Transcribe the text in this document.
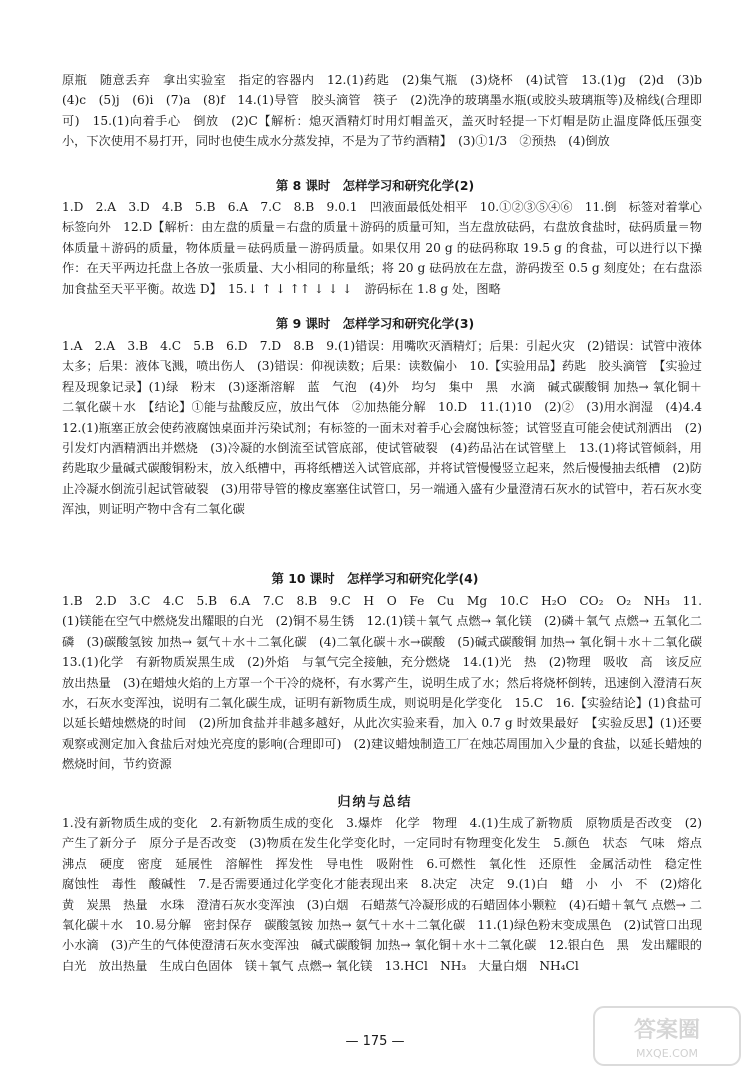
原瓶　随意丢弃　拿出实验室　指定的容器内　12.(1)药匙　(2)集气瓶　(3)烧杯　(4)试管　13.(1)g　(2)d　(3)b　(4)c　(5)j　(6)i　(7)a　(8)f　14.(1)导管　胶头滴管　筷子　(2)洗净的玻璃墨水瓶(或胶头玻璃瓶等)及棉线(合理即可)　15.(1)向着手心　倒放　(2)C【解析：熄灭酒精灯时用灯帽盖灭，盖灭时轻提一下灯帽是防止温度降低压强变小，下次使用不易打开，同时也使生成水分蒸发掉，不是为了节约酒精】　(3)①1/3　②预热　(4)倒放
第 8 课时　怎样学习和研究化学(2)
1.D　2.A　3.D　4.B　5.B　6.A　7.C　8.B　9.0.1　凹液面最低处相平　10.①②③⑤④⑥　11.倒　标签对着掌心　标签向外　12.D【解析：由左盘的质量＝右盘的质量＋游码的质量可知，当左盘放砝码，右盘放食盐时，砝码质量＝物体质量＋游码的质量，物体质量＝砝码质量－游码质量。如果仅用 20 g 的砝码称取 19.5 g 的食盐，可以进行以下操作：在天平两边托盘上各放一张质量、大小相同的称量纸；将 20 g 砝码放在左盘，游码拨至 0.5 g 刻度处；在右盘添加食盐至天平平衡。故选 D】　15.↓ ↑ ↓ ↑↑ ↓ ↓ ↓　游码标在 1.8 g 处，图略
第 9 课时　怎样学习和研究化学(3)
1.A　2.A　3.B　4.C　5.B　6.D　7.D　8.B　9.(1)错误：用嘴吹灭酒精灯；后果：引起火灾　(2)错误：试管中液体太多；后果：液体飞溅，喷出伤人　(3)错误：仰视读数；后果：读数偏小　10.【实验用品】药匙　胶头滴管　【实验过程及现象记录】(1)绿　粉末　(3)逐渐溶解　蓝　气泡　(4)外　均匀　集中　黑　水滴　碱式碳酸铜 加热→ 氧化铜＋二氧化碳＋水　【结论】①能与盐酸反应，放出气体　②加热能分解　10.D　11.(1)10　(2)②　(3)用水润湿　(4)4.4　12.(1)瓶塞正放会使药液腐蚀桌面并污染试剂；有标签的一面未对着手心会腐蚀标签；试管竖直可能会使试剂洒出　(2)引发灯内酒精洒出并燃烧　(3)冷凝的水倒流至试管底部，使试管破裂　(4)药品沾在试管壁上　13.(1)将试管倾斜，用药匙取少量碱式碳酸铜粉末，放入纸槽中，再将纸槽送入试管底部，并将试管慢慢竖立起来，然后慢慢抽去纸槽　(2)防止冷凝水倒流引起试管破裂　(3)用带导管的橡皮塞塞住试管口，另一端通入盛有少量澄清石灰水的试管中，若石灰水变浑浊，则证明产物中含有二氧化碳
第 10 课时　怎样学习和研究化学(4)
1.B　2.D　3.C　4.C　5.B　6.A　7.C　8.B　9.C　H　O　Fe　Cu　Mg　10.C　H₂O　CO₂　O₂　NH₃　11.(1)镁能在空气中燃烧发出耀眼的白光　(2)铜不易生锈　12.(1)镁＋氧气 点燃→ 氧化镁　(2)磷＋氧气 点燃→ 五氧化二磷　(3)碳酸氢铵 加热→ 氨气＋水＋二氧化碳　(4)二氧化碳＋水→碳酸　(5)碱式碳酸铜 加热→ 氧化铜＋水＋二氧化碳　13.(1)化学　有新物质炭黑生成　(2)外焰　与氧气完全接触，充分燃烧　14.(1)光　热　(2)物理　吸收　高　该反应放出热量　(3)在蜡烛火焰的上方罩一个干冷的烧杯，有水雾产生，说明生成了水；然后将烧杯倒转，迅速倒入澄清石灰水，石灰水变浑浊，说明有二氧化碳生成，证明有新物质生成，则说明是化学变化　15.C　16.【实验结论】(1)食盐可以延长蜡烛燃烧的时间　(2)所加食盐并非越多越好，从此次实验来看，加入 0.7 g 时效果最好　【实验反思】(1)还要观察或测定加入食盐后对烛光亮度的影响(合理即可)　(2)建议蜡烛制造工厂在烛芯周围加入少量的食盐，以延长蜡烛的燃烧时间，节约资源
归纳与总结
1.没有新物质生成的变化　2.有新物质生成的变化　3.爆炸　化学　物理　4.(1)生成了新物质　原物质是否改变　(2)产生了新分子　原分子是否改变　(3)物质在发生化学变化时，一定同时有物理变化发生　5.颜色　状态　气味　熔点　沸点　硬度　密度　延展性　溶解性　挥发性　导电性　吸附性　6.可燃性　氧化性　还原性　金属活动性　稳定性　腐蚀性　毒性　酸碱性　7.是否需要通过化学变化才能表现出来　8.决定　决定　9.(1)白　蜡　小　小　不　(2)熔化　黄　炭黑　热量　水珠　澄清石灰水变浑浊　(3)白烟　石蜡蒸气冷凝形成的石蜡固体小颗粒　(4)石蜡＋氧气 点燃→ 二氧化碳＋水　10.易分解　密封保存　碳酸氢铵 加热→ 氨气＋水＋二氧化碳　11.(1)绿色粉末变成黑色　(2)试管口出现小水滴　(3)产生的气体使澄清石灰水变浑浊　碱式碳酸铜 加热→ 氧化铜＋水＋二氧化碳　12.银白色　黑　发出耀眼的白光　放出热量　生成白色固体　镁＋氧气 点燃→ 氧化镁　13.HCl　NH₃　大量白烟　NH₄Cl
— 175 —	答案圈
MXQE.COM
